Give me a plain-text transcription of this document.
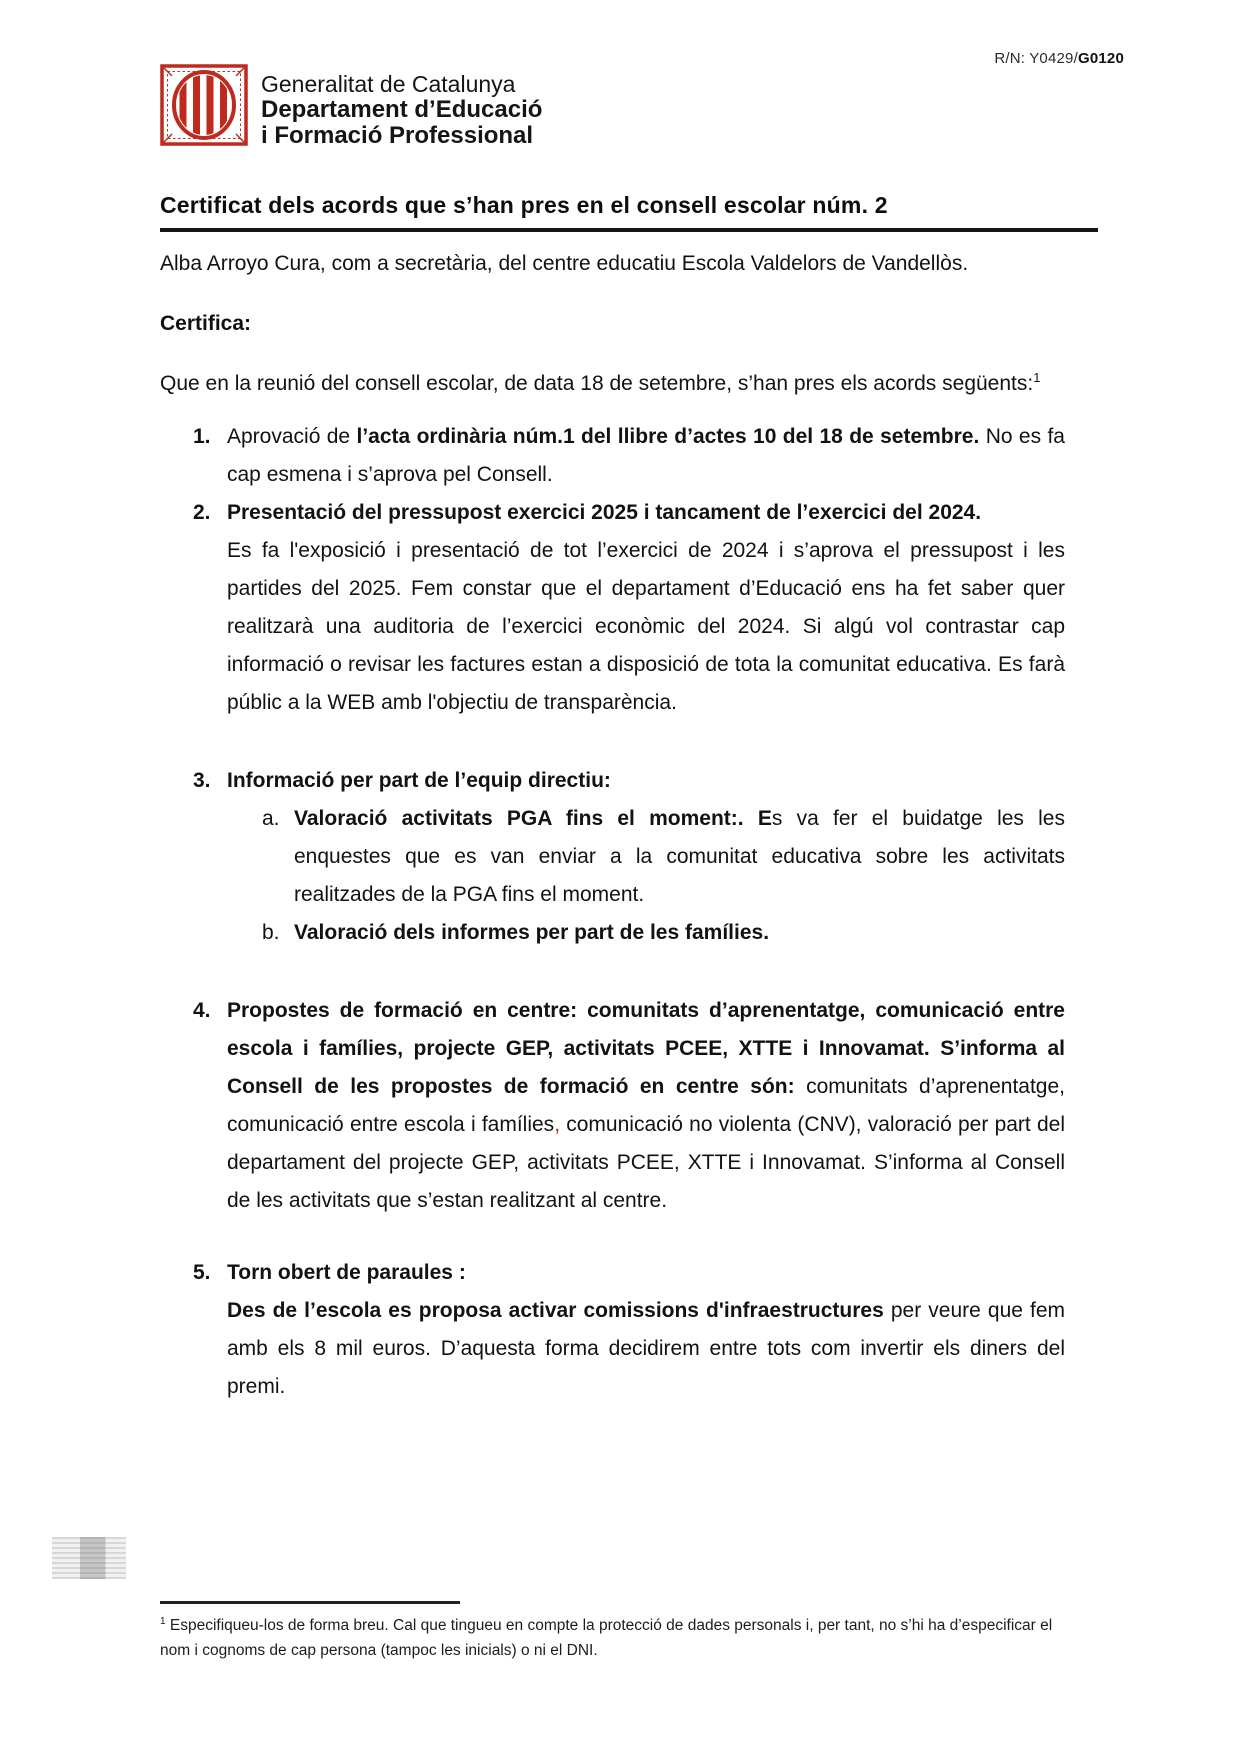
R/N: Y0429/G0120
Generalitat de Catalunya
Departament d’Educació
i Formació Professional
Certificat dels acords que s’han pres en el consell escolar núm. 2

Alba Arroyo Cura, com a secretària, del centre educatiu Escola Valdelors de Vandellòs.

Certifica:

Que en la reunió del consell escolar, de data 18 de setembre, s’han pres els acords següents:$^1$

1. Aprovació de l’acta ordinària núm.1 del llibre d’actes 10 del 18 de setembre. No es fa cap esmena i s’aprova pel Consell.

2. Presentació del pressupost exercici 2025 i tancament de l’exercici del 2024.

Es fa l'exposició i presentació de tot l’exercici de 2024 i s’aprova el pressupost i les partides del 2025. Fem constar que el departament d’Educació ens ha fet saber quer realitzarà una auditoria de l’exercici econòmic del 2024. Si algú vol contrastar cap informació o revisar les factures estan a disposició de tota la comunitat educativa. Es farà públic a la WEB amb l'objectiu de transparència.

3. Informació per part de l’equip directiu:

a. Valoració activitats PGA fins el moment:. Es va fer el buidatge les les enquestes que es van enviar a la comunitat educativa sobre les activitats realitzades de la PGA fins el moment.

b. Valoració dels informes per part de les famílies.

4. Propostes de formació en centre: comunitats d’aprenentatge, comunicació entre escola i famílies, projecte GEP, activitats PCEE, XTTE i Innovamat. S’informa al Consell de les propostes de formació en centre són: comunitats d’aprenentatge, comunicació entre escola i famílies, comunicació no violenta (CNV), valoració per part del departament del projecte GEP, activitats PCEE, XTTE i Innovamat. S’informa al Consell de les activitats que s’estan realitzant al centre.

5. Torn obert de paraules :

Des de l’escola es proposa activar comissions d'infraestructures per veure que fem amb els 8 mil euros. D’aquesta forma decidirem entre tots com invertir els diners del premi.

$^1$ Especifiqueu-los de forma breu. Cal que tingueu en compte la protecció de dades personals i, per tant, no s’hi ha d’especificar el nom i cognoms de cap persona (tampoc les inicials) o ni el DNI.
